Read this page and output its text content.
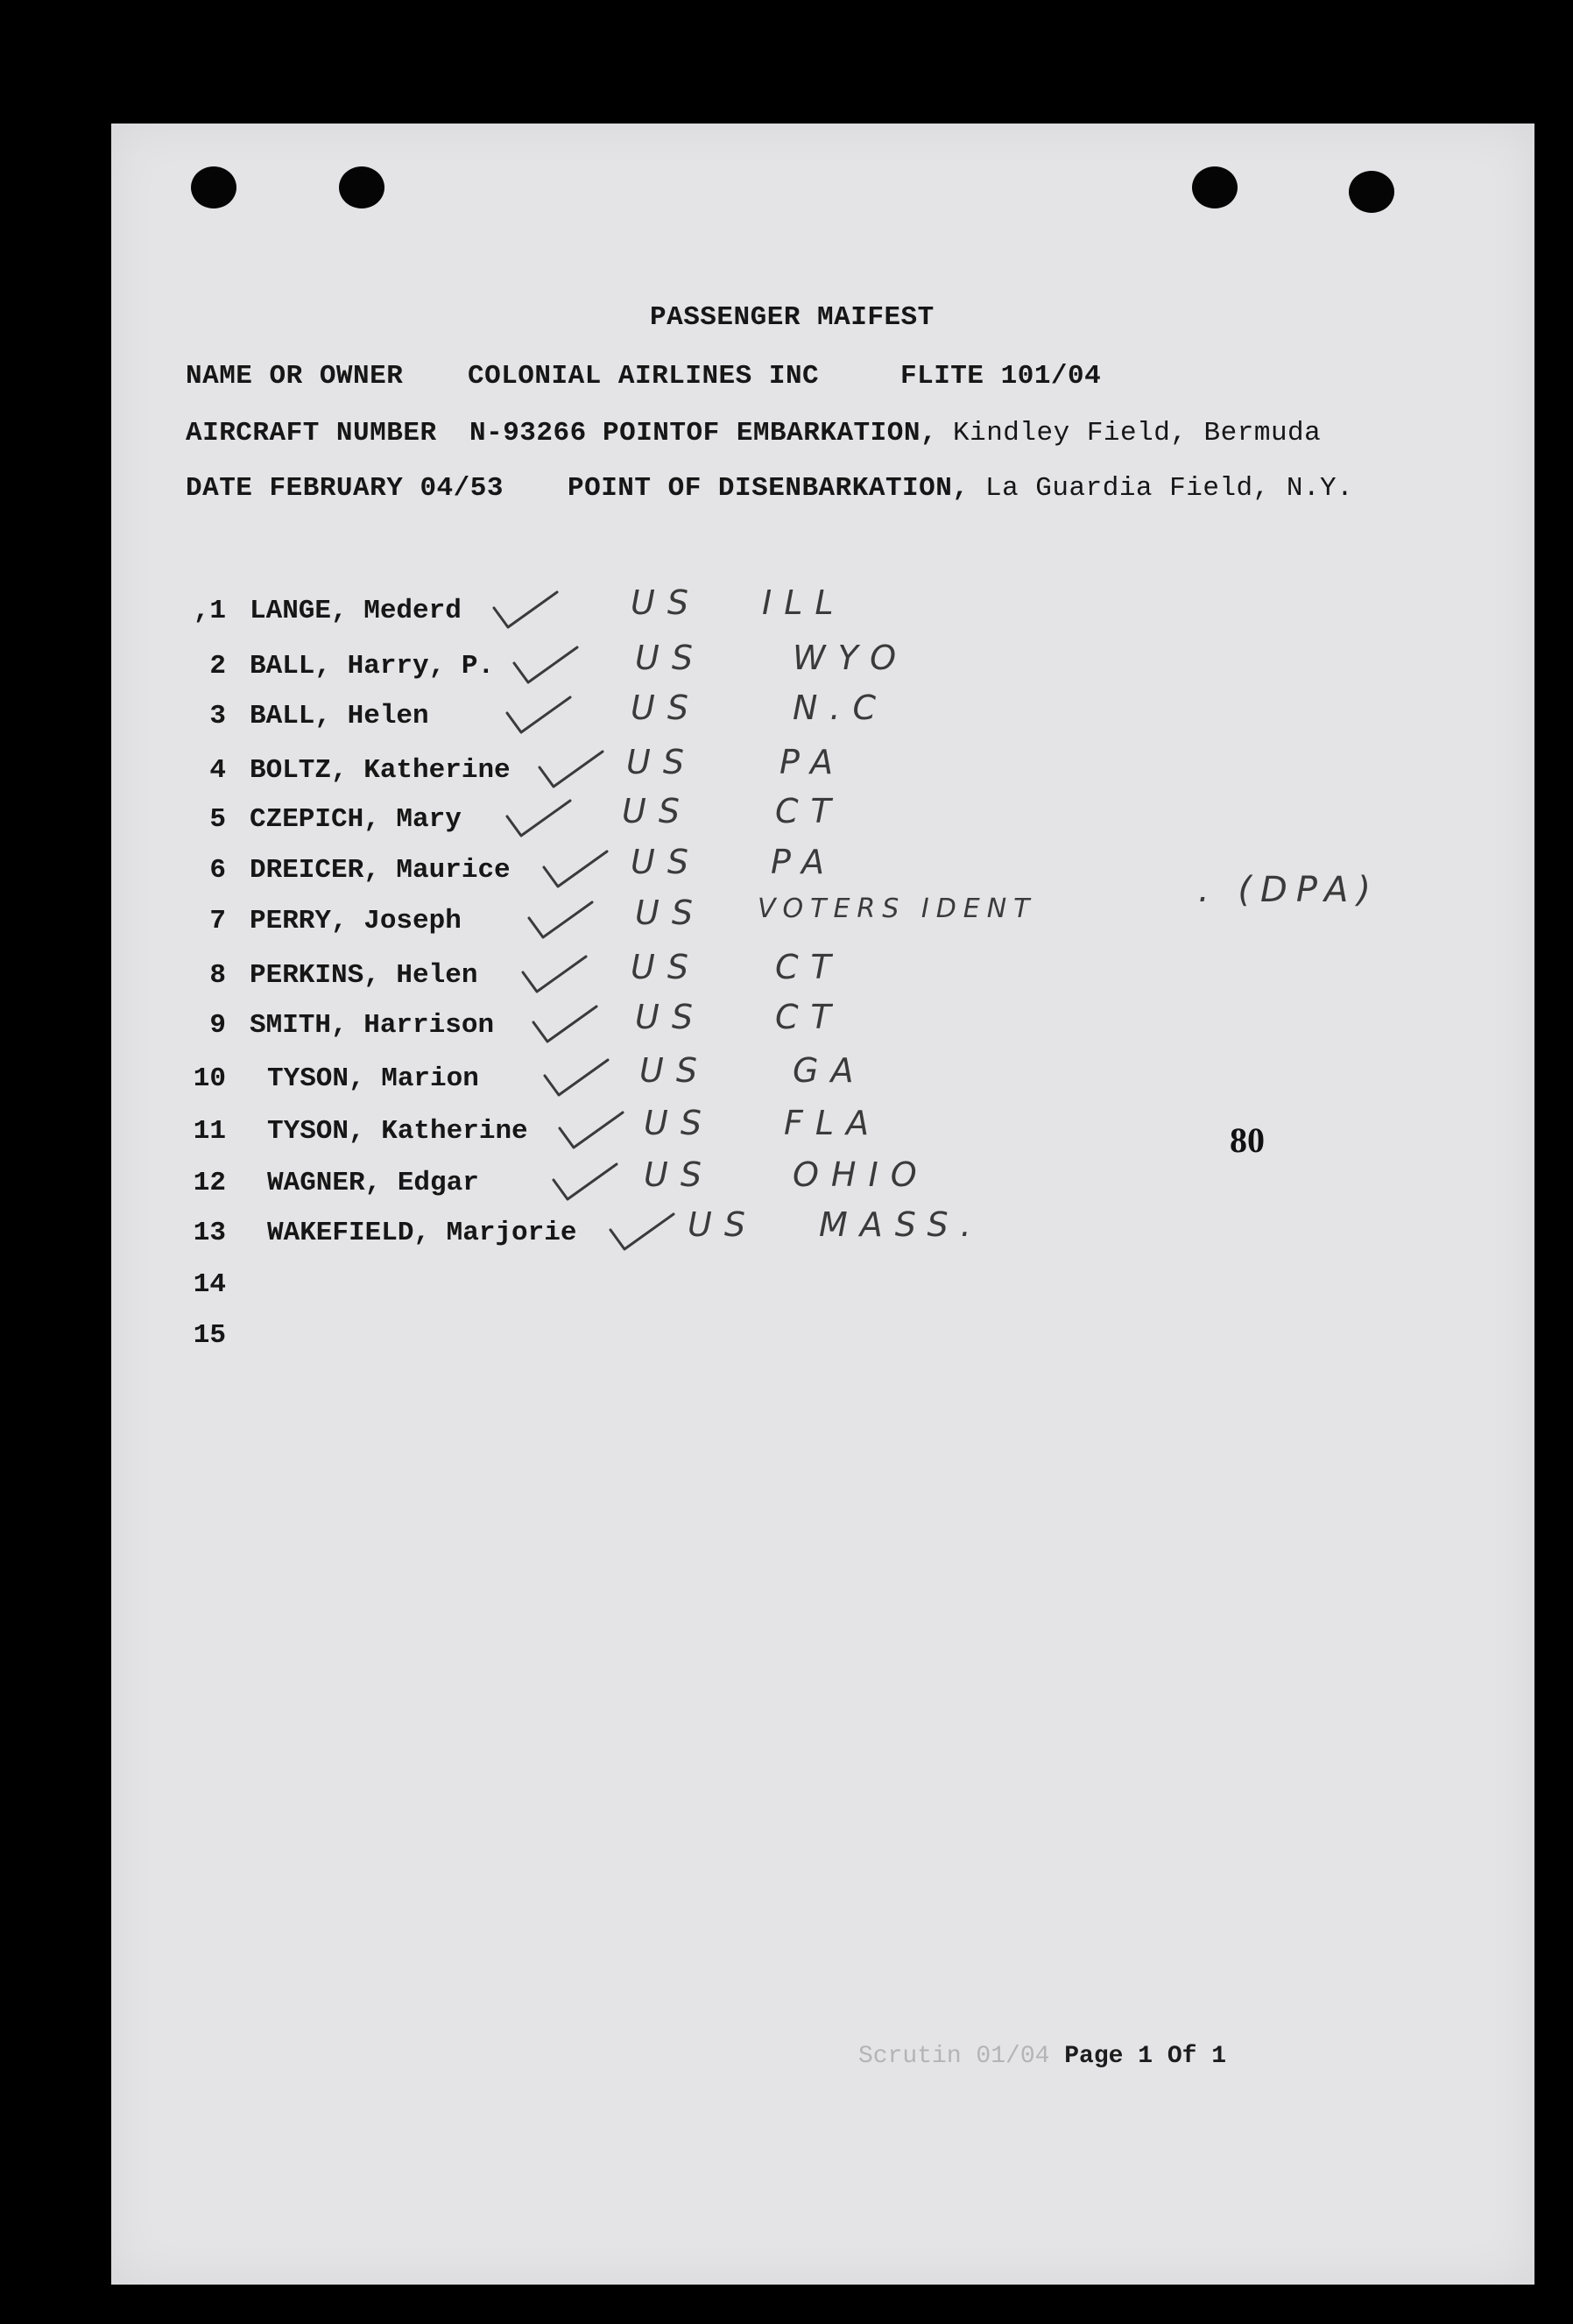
PASSENGER MAIFEST
NAME OR OWNER COLONIAL AIRLINES INC	FLITE 101/04
AIRCRAFT NUMBER N-93266 POINTOF EMBARKATION, Kindley Field, Bermuda
DATE FEBRUARY 04/53 POINT OF DISENBARKATION, La Guardia Field, N.Y.
,1 LANGE, Mederd	US ILL
2 BALL, Harry, P.	US	WYO
3 BALL, Helen	US	N.C
4 BOLTZ, Katherine	US	PA
5 CZEPICH, Mary	US	CT
6 DREICER, Maurice	US PA
7 PERRY, Joseph	US VOTERS IDENT
8 PERKINS, Helen	US CT
9 SMITH, Harrison	US CT
10 TYSON, Marion	US	GA
11 TYSON, Katherine	US FLA
12 WAGNER, Edgar	US OHIO
13 WAKEFIELD, Marjorie	US MASS.
14
15
. (DPA)
80
Scrutin 01/04 Page 1 Of 1
